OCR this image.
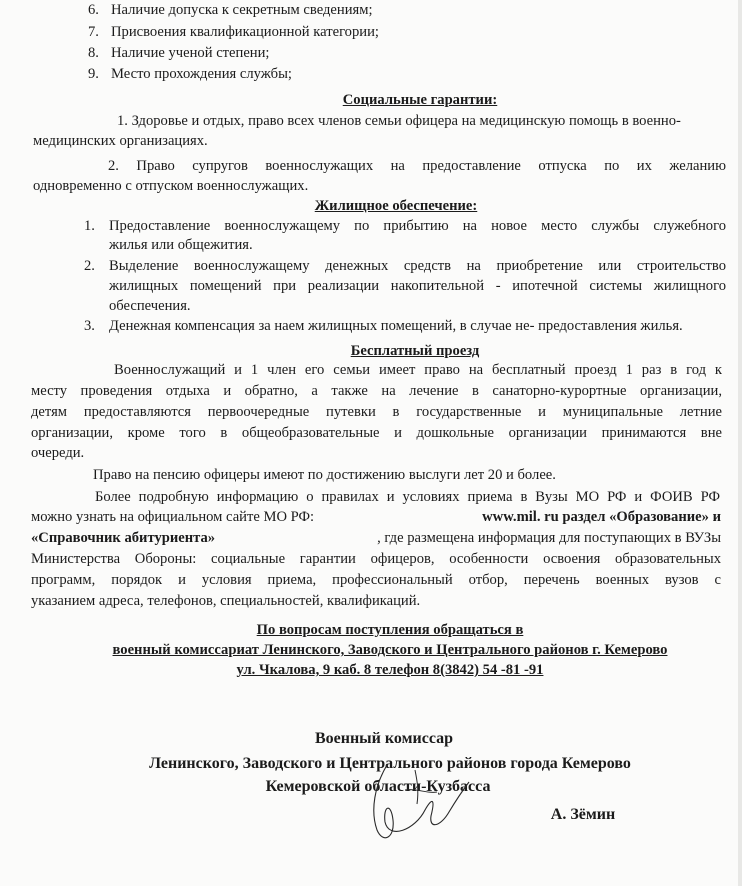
6. Наличие допуска к секретным сведениям;
7. Присвоения квалификационной категории;
8. Наличие ученой степени;
9. Место прохождения службы;
Социальные гарантии:
1. Здоровье и отдых, право всех членов семьи офицера на медицинскую помощь в военно-
медицинских организациях.
2. Право супругов военнослужащих на предоставление отпуска по их желанию
одновременно с отпуском военнослужащих.
Жилищное обеспечение:
1. Предоставление военнослужащему по прибытию на новое место службы служебного
жилья или общежития.
2. Выделение военнослужащему денежных средств на приобретение или строительство
жилищных помещений при реализации накопительной - ипотечной системы жилищного
обеспечения.
3. Денежная компенсация за наем жилищных помещений, в случае не- предоставления жилья.
Бесплатный проезд
Военнослужащий и 1 член его семьи имеет право на бесплатный проезд 1 раз в год к
месту проведения отдыха и обратно, а также на лечение в санаторно-курортные организации,
детям предоставляются первоочередные путевки в государственные и муниципальные летние
организации, кроме того в общеобразовательные и дошкольные организации принимаются вне
очереди.
Право на пенсию офицеры имеют по достижению выслуги лет 20 и более.
Более подробную информацию о правилах и условиях приема в Вузы МО РФ и ФОИВ РФ
можно узнать на официальном сайте МО РФ:	www.mil. ru раздел «Образование» и
«Справочник абитуриента»	, где размещена информация для поступающих в ВУЗы
Министерства Обороны: социальные гарантии офицеров, особенности освоения образовательных
программ, порядок и условия приема, профессиональный отбор, перечень военных вузов с
указанием адреса, телефонов, специальностей, квалификаций.
По вопросам поступления обращаться в
военный комиссариат Ленинского, Заводского и Центрального районов г. Кемерово
ул. Чкалова, 9 каб. 8 телефон 8(3842) 54 -81 -91
Военный комиссар
Ленинского, Заводского и Центрального районов города Кемерово
Кемеровской области-Кузбасса
А. Зёмин
